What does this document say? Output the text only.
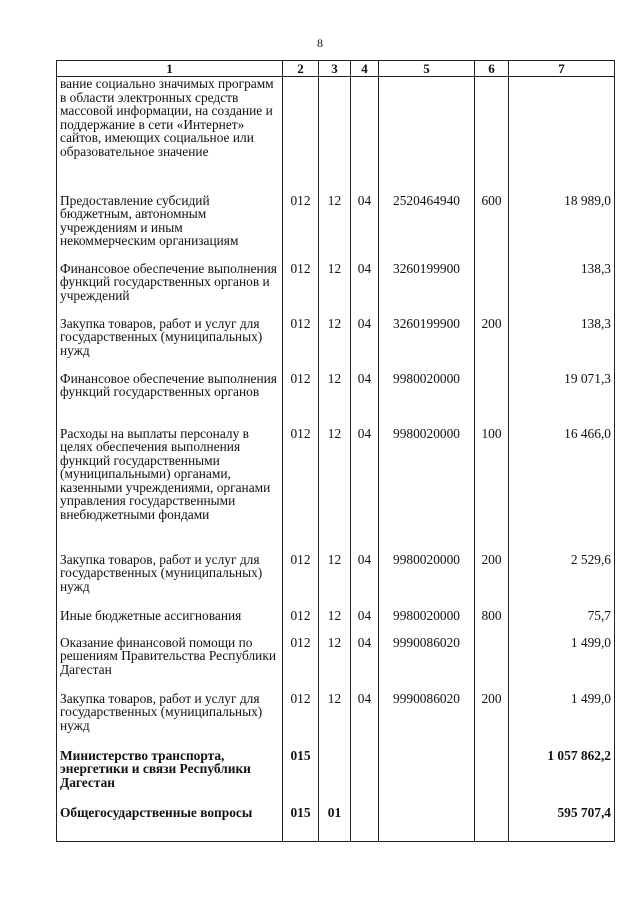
8
1	2	3	4	5	6	7
вание социально значимых программ в области электронных средств массовой информации, на создание и поддержание в сети «Интернет» сайтов, имеющих социальное или образовательное значение						
Предоставление субсидий бюджетным, автономным учреждениям и иным некоммерческим организациям	012	12	04	2520464940	600	18 989,0
Финансовое обеспечение выполнения функций государственных органов и учреждений	012	12	04	3260199900		138,3
Закупка товаров, работ и услуг для государственных (муниципальных) нужд	012	12	04	3260199900	200	138,3
Финансовое обеспечение выполнения функций государственных органов	012	12	04	9980020000		19 071,3
Расходы на выплаты персоналу в целях обеспечения выполнения функций государственными (муниципальными) органами, казенными учреждениями, органами управления государственными внебюджетными фондами	012	12	04	9980020000	100	16 466,0
Закупка товаров, работ и услуг для государственных (муниципальных) нужд	012	12	04	9980020000	200	2 529,6
Иные бюджетные ассигнования	012	12	04	9980020000	800	75,7
Оказание финансовой помощи по решениям Правительства Республики Дагестан	012	12	04	9990086020		1 499,0
Закупка товаров, работ и услуг для государственных (муниципальных) нужд	012	12	04	9990086020	200	1 499,0
Министерство транспорта, энергетики и связи Республики Дагестан	015					1 057 862,2
Общегосударственные вопросы	015	01				595 707,4
